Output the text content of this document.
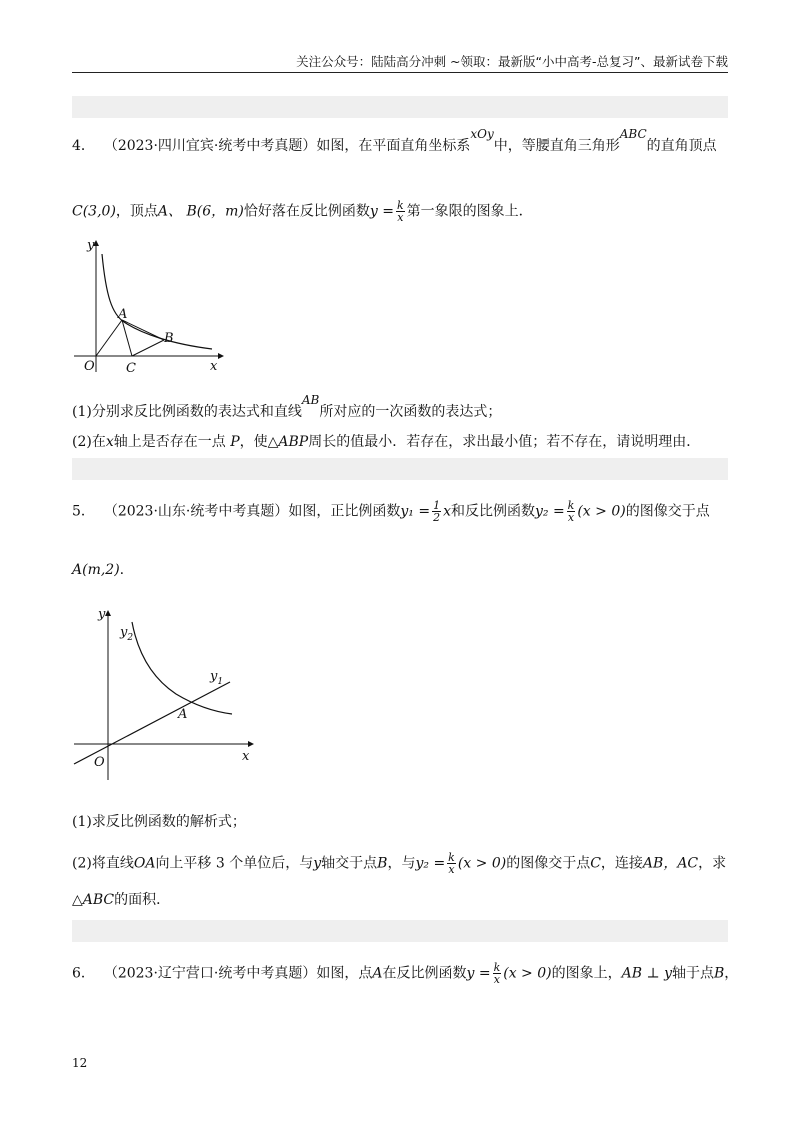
关注公众号：陆陆高分冲刺 ~领取：最新版“小中高考-总复习”、最新试卷下载
4． （2023·四川宜宾·统考中考真题）如图，在平面直角坐标系xOy中，等腰直角三角形ABC的直角顶点
C(3,0)，顶点A、 B(6，m)恰好落在反比例函数$y = \frac{k}{x}$ 第一象限的图象上．
y
x
O
A
B
C
(1)分别求反比例函数的表达式和直线AB所对应的一次函数的表达式；
(2)在x轴上是否存在一点 P，使△ABP周长的值最小．若存在，求出最小值；若不存在，请说明理由．
5． （2023·山东·统考中考真题）如图，正比例函数$y_1 = \frac{1}{2}$ x和反比例函数$y_2 = \frac{k}{x} (x > 0)$的图像交于点
A(m,2).
y
x
O
A
$y_2$
$y_1$
(1)求反比例函数的解析式；
(2)将直线OA向上平移 3 个单位后，与y轴交于点B，与$y_2 = \frac{k}{x} (x > 0)$的图像交于点C，连接AB，AC，求
△ABC的面积．
6． （2023·辽宁营口·统考中考真题）如图，点A在反比例函数$y = \frac{k}{x} (x > 0)$的图象上，AB ⊥ y轴于点B，
12
